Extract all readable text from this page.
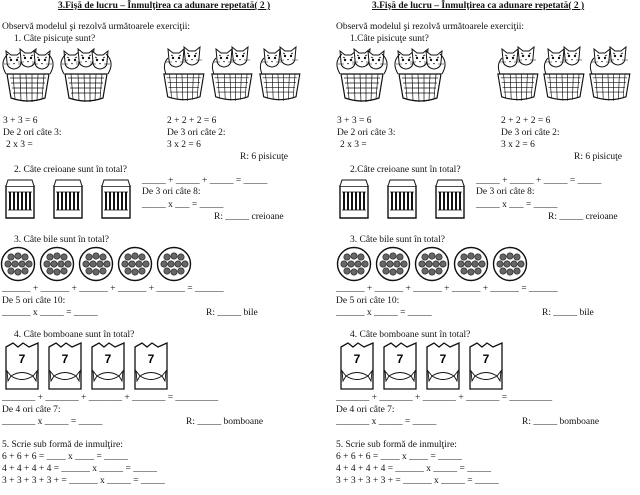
3.Fişă de lucru – Înmulţirea ca adunare repetată( 2 )
Observă modelul şi rezolvă următoarele exerciţii:
1. Câte pisicuţe sunt?
3 + 3 = 6
De 2 ori câte 3:
2 x 3 =
2 + 2 + 2 = 6
De 3 ori câte 2:
3 x 2 = 6
R: 6 pisicuţe
2. Câte creioane sunt în total?
_____ + _____ + _____ = _____
De 3 ori câte 8:
_____ x ___ = _____
R: _____ creioane
3. Câte bile sunt în total?
______ + ______ + ______ + ______ + ______ = ______
De 5 ori câte 10:
______ x _____ = _____	R: _____ bile
4. Câte bomboane sunt în total?
7	7	7	7
_______ + _______ + _______ + _______ = _________
De 4 ori câte 7:
_______ x _____ = _____	R: _____ bomboane
5. Scrie sub formă de inmulţire:
6 + 6 + 6 = ____ x ____ = _____
4 + 4 + 4 + 4 = ______ x _____ = _____
3 + 3 + 3 + 3 + = ______ x _____ = _____
3.Fişă de lucru – Înmulţirea ca adunare repetată( 2 )
Observă modelul şi rezolvă următoarele exerciţii:
1.Câte pisicuţe sunt?
3 + 3 = 6
De 2 ori câte 3:
2 x 3 =
2 + 2 + 2 = 6
De 3 ori câte 2:
3 x 2 = 6
R: 6 pisicuţe
2.Câte creioane sunt în total?
_____ + _____ + _____ = _____
De 3 ori câte 8:
_____ x ___ = _____
R: _____ creioane
3. Câte bile sunt în total?
______ + ______ + ______ + ______ + ______ = ______
De 5 ori câte 10:
______ x _____ = _____	R: _____ bile
4. Câte bomboane sunt în total?
7	7	7	7
_______ + _______ + _______ + _______ = _________
De 4 ori câte 7:
_______ x _____ = _____	R: _____ bomboane
5. Scrie sub formă de inmulţire:
6 + 6 + 6 = ____ x ____ = _____
4 + 4 + 4 + 4 = ______ x _____ = _____
3 + 3 + 3 + 3 + = ______ x _____ = _____
